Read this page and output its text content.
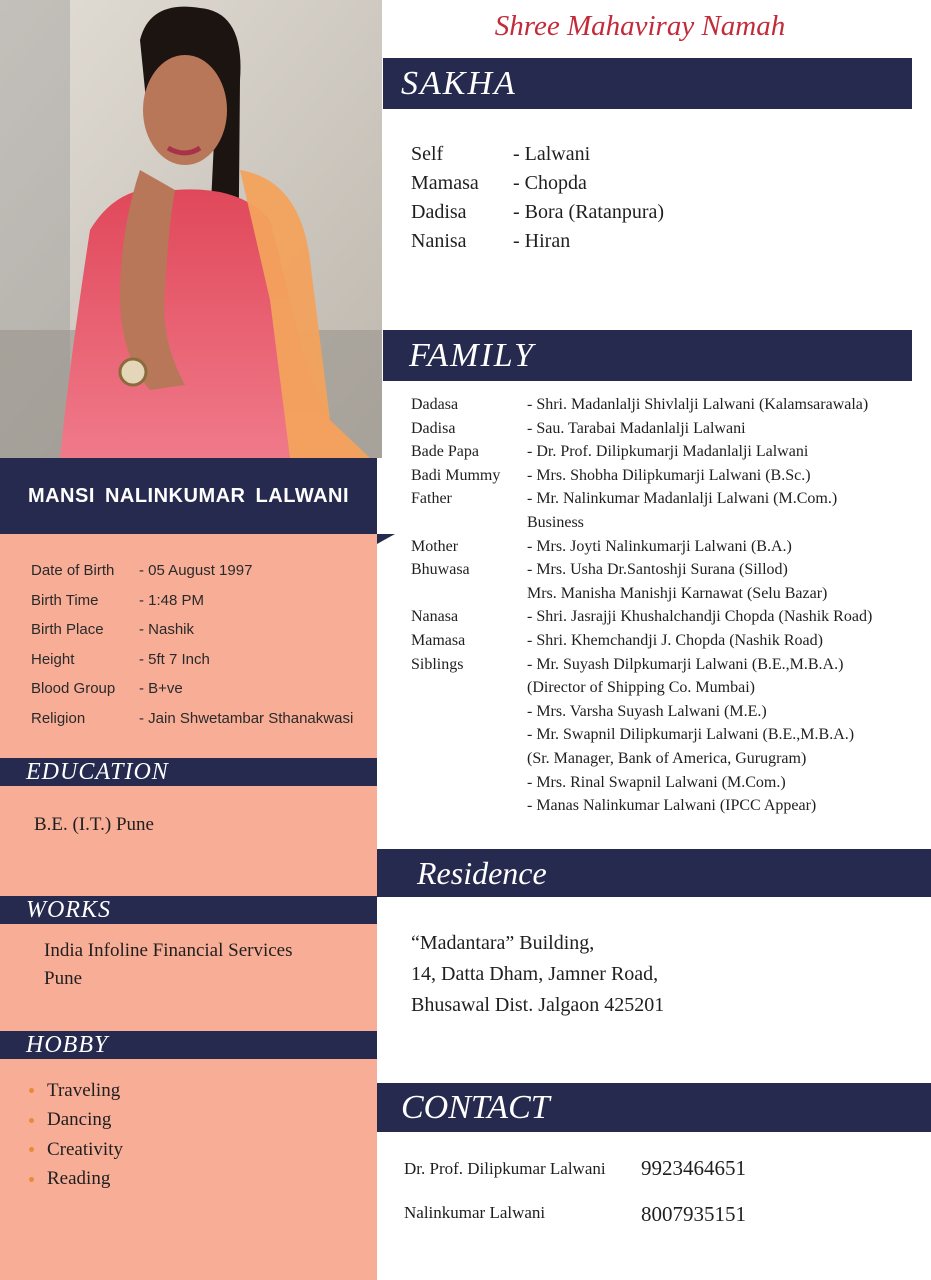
MANSI NALINKUMAR LALWANI
Date of Birth - 05 August 1997
Birth Time	- 1:48 PM
Birth Place - Nashik
Height	- 5ft 7 Inch
Blood Group - B+ve
Religion	- Jain Shwetambar Sthanakwasi
EDUCATION
B.E. (I.T.) Pune
WORKS
India Infoline Financial Services
Pune
HOBBY
Traveling
Dancing
Creativity
Reading
Shree Mahaviray Namah
SAKHA
Self	- Lalwani
Mamasa - Chopda
Dadisa - Bora (Ratanpura)
Nanisa - Hiran
FAMILY
Dadasa	- Shri. Madanlalji Shivlalji Lalwani (Kalamsarawala)
Dadisa	- Sau. Tarabai Madanlalji Lalwani
Bade Papa	- Dr. Prof. Dilipkumarji Madanlalji Lalwani
Badi Mummy - Mrs. Shobha Dilipkumarji Lalwani (B.Sc.)
Father	- Mr. Nalinkumar Madanlalji Lalwani (M.Com.)
Business
Mother	- Mrs. Joyti Nalinkumarji Lalwani (B.A.)
Bhuwasa	- Mrs. Usha Dr.Santoshji Surana (Sillod)
Mrs. Manisha Manishji Karnawat (Selu Bazar)
Nanasa	- Shri. Jasrajji Khushalchandji Chopda (Nashik Road)
Mamasa	- Shri. Khemchandji J. Chopda (Nashik Road)
Siblings	- Mr. Suyash Dilpkumarji Lalwani (B.E.,M.B.A.)
(Director of Shipping Co. Mumbai)
- Mrs. Varsha Suyash Lalwani (M.E.)
- Mr. Swapnil Dilipkumarji Lalwani (B.E.,M.B.A.)
(Sr. Manager, Bank of America, Gurugram)
- Mrs. Rinal Swapnil Lalwani (M.Com.)
- Manas Nalinkumar Lalwani (IPCC Appear)
Residence
“Madantara” Building,
14, Datta Dham, Jamner Road,
Bhusawal Dist. Jalgaon 425201
CONTACT
Dr. Prof. Dilipkumar Lalwani 9923464651
Nalinkumar Lalwani	8007935151
